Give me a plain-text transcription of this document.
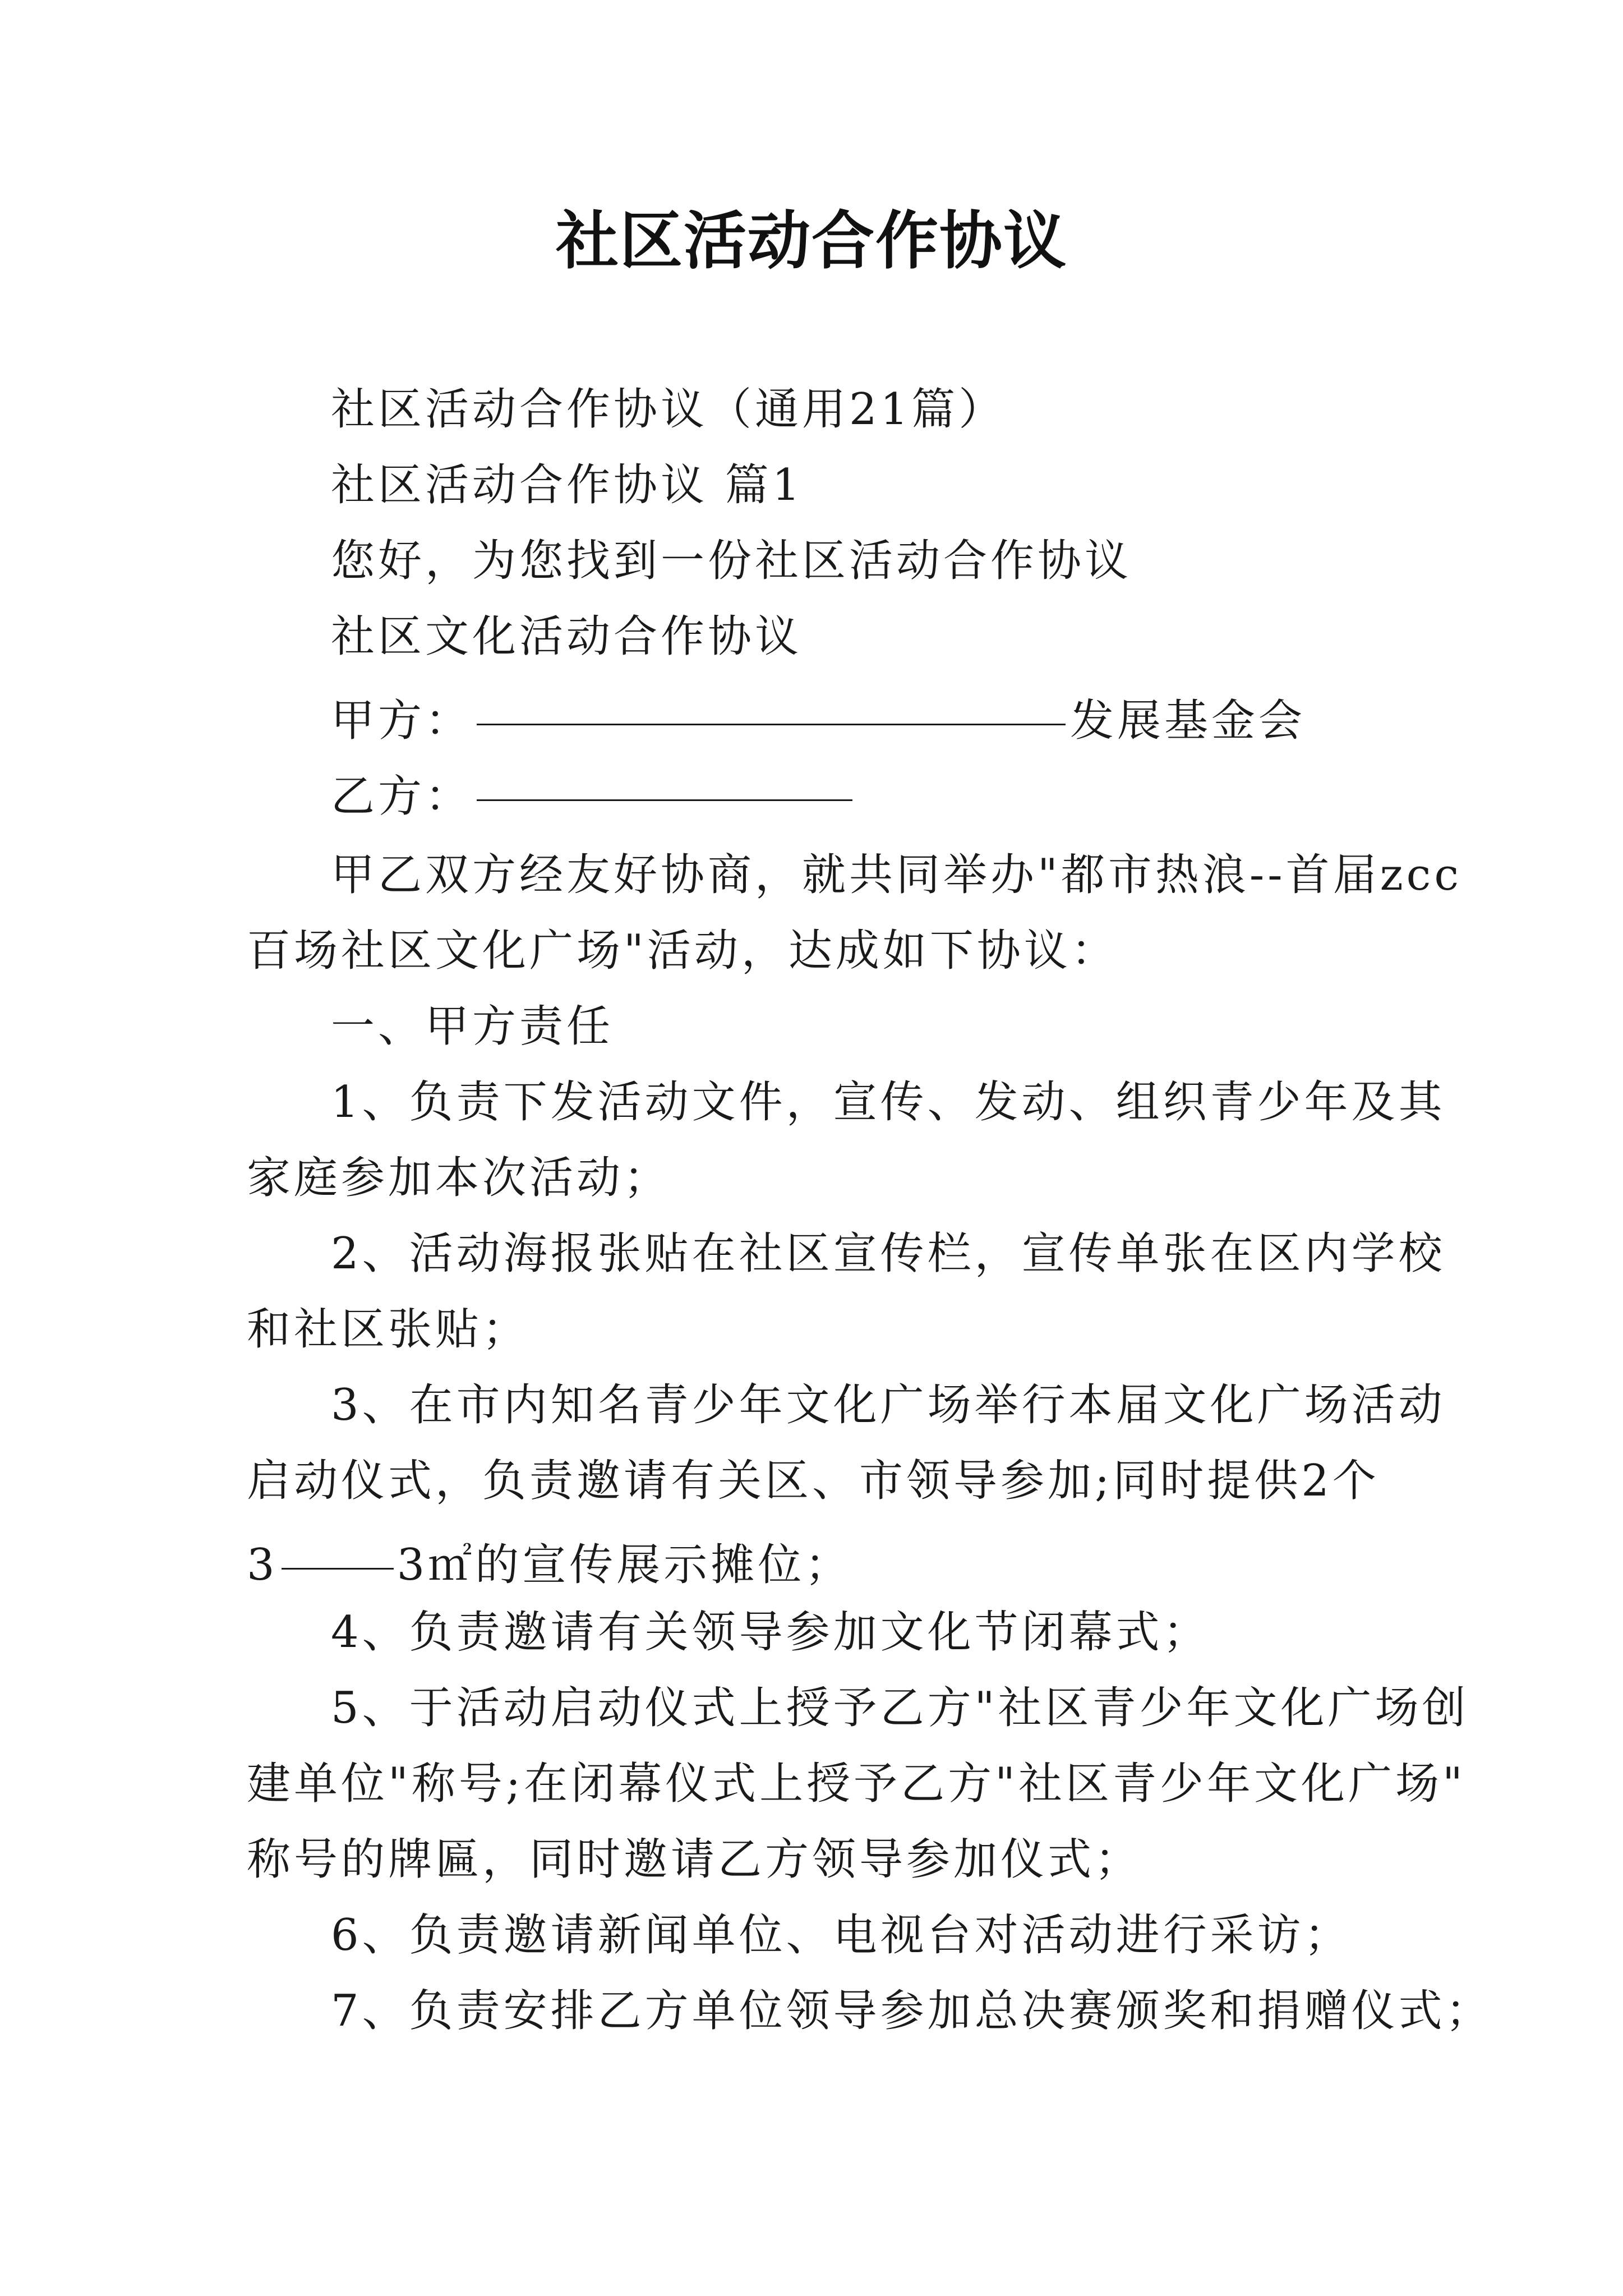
社区活动合作协议
社区活动合作协议（通用21篇）
社区活动合作协议 篇1
您好，为您找到一份社区活动合作协议
社区文化活动合作协议
甲方：	发展基金会
乙方：
甲乙双方经友好协商，就共同举办"都市热浪--首届zcc
百场社区文化广场"活动，达成如下协议：
一、甲方责任
1、负责下发活动文件，宣传、发动、组织青少年及其
家庭参加本次活动；
2、活动海报张贴在社区宣传栏，宣传单张在区内学校
和社区张贴；
3、在市内知名青少年文化广场举行本届文化广场活动
启动仪式，负责邀请有关区、市领导参加;同时提供2个
3	3㎡的宣传展示摊位；
4、负责邀请有关领导参加文化节闭幕式；
5、于活动启动仪式上授予乙方"社区青少年文化广场创
建单位"称号;在闭幕仪式上授予乙方"社区青少年文化广场"
称号的牌匾，同时邀请乙方领导参加仪式；
6、负责邀请新闻单位、电视台对活动进行采访；
7、负责安排乙方单位领导参加总决赛颁奖和捐赠仪式；
